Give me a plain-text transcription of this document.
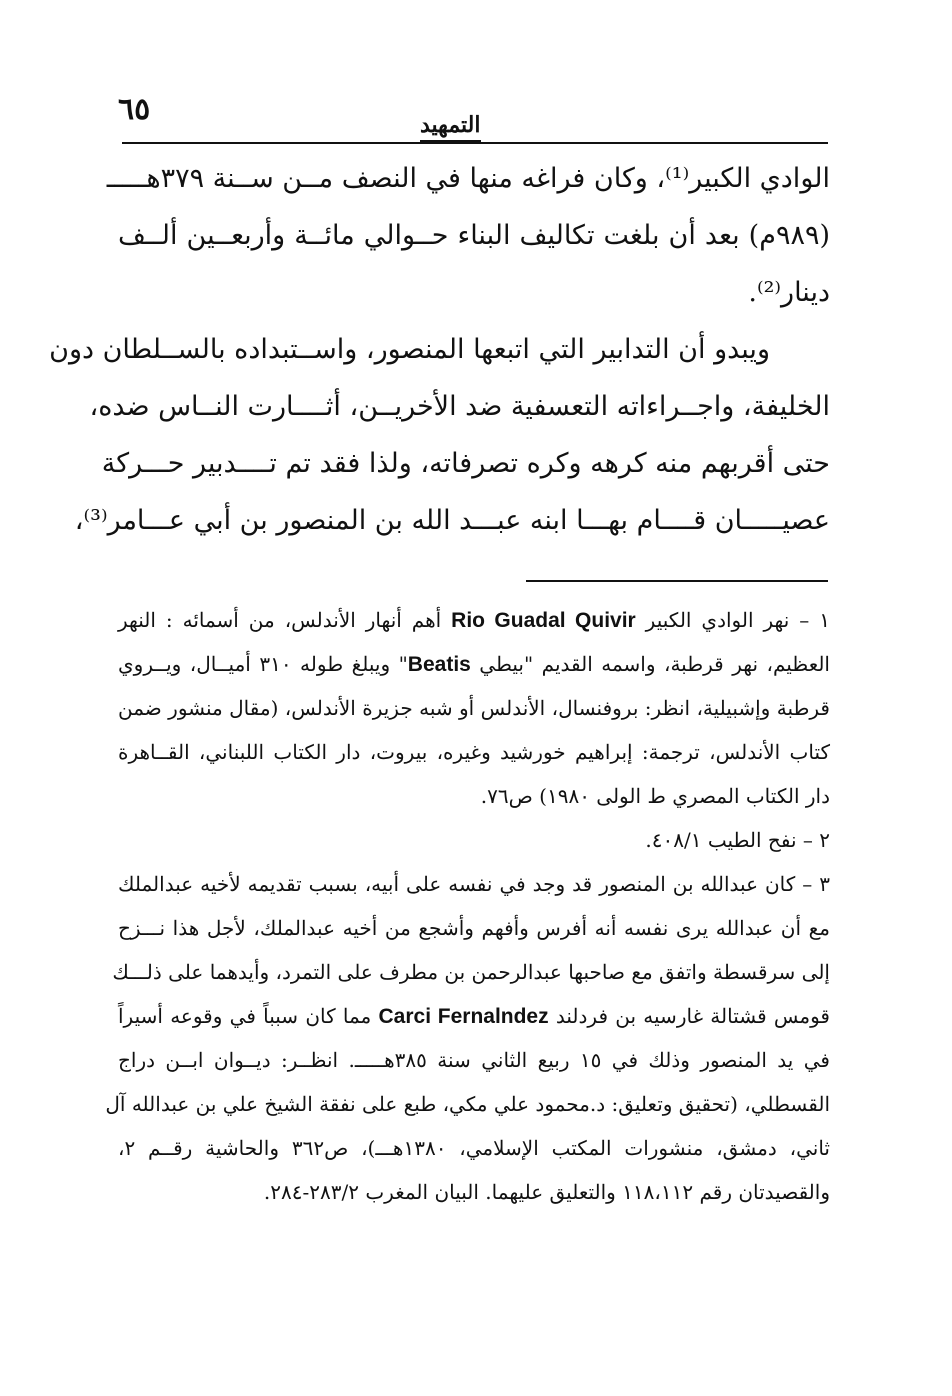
٦٥	التمهيد
الوادي الكبير⁽¹⁾، وكان فراغه منها في النصف مــن ســنة ٣٧٩هـــــ
(٩٨٩م) بعد أن بلغت تكاليف البناء حــوالي مائــة وأربعــين ألــف
دينار⁽²⁾.
ويبدو أن التدابير التي اتبعها المنصور، واســتبداده بالســلطان دون
الخليفة، واجــراءاته التعسفية ضد الأخريــن، أثــــارت النــاس ضده،
حتى أقربهم منه كرهه وكره تصرفاته، ولذا فقد تم تــــدبير حـــركة
عصيـــــان قــــام بهـــا ابنه عبـــد الله بن المنصور بن أبي عـــامر⁽³⁾،
١ – نهر الوادي الكبير Rio Guadal Quivir أهم أنهار الأندلس، من أسمائه : النهر
العظيم، نهر قرطبة، واسمه القديم "بيطي Beatis" ويبلغ طوله ٣١٠ أميــال، ويــروي
قرطبة وإشبيلية، انظر: بروفنسال، الأندلس أو شبه جزيرة الأندلس، (مقال منشور ضمن
كتاب الأندلس، ترجمة: إبراهيم خورشيد وغيره، بيروت، دار الكتاب اللبناني، القــاهرة
دار الكتاب المصري ط الولى ١٩٨٠) ص٧٦.
٢ – نفح الطيب ٤٠٨/١.
٣ – كان عبدالله بن المنصور قد وجد في نفسه على أبيه، بسبب تقديمه لأخيه عبدالملك
مع أن عبدالله يرى نفسه أنه أفرس وأفهم وأشجع من أخيه عبدالملك، لأجل هذا نـــزح
إلى سرقسطة واتفق مع صاحبها عبدالرحمن بن مطرف على التمرد، وأيدهما على ذلـــك
قومس قشتالة غارسيه بن فردلند Carci Fernalndez مما كان سبباً في وقوعه أسيراً
في يد المنصور وذلك في ١٥ ربيع الثاني سنة ٣٨٥هـــــ. انظــر: ديــوان ابــن دراج
القسطلي، (تحقيق وتعليق: د.محمود علي مكي، طبع على نفقة الشيخ علي بن عبدالله آل
ثاني، دمشق، منشورات المكتب الإسلامي، ١٣٨٠هـــ)، ص٣٦٢ والحاشية رقــم ٢،
والقصيدتان رقم ١١٨،١١٢ والتعليق عليهما. البيان المغرب ٢٨٣/٢-٢٨٤.
